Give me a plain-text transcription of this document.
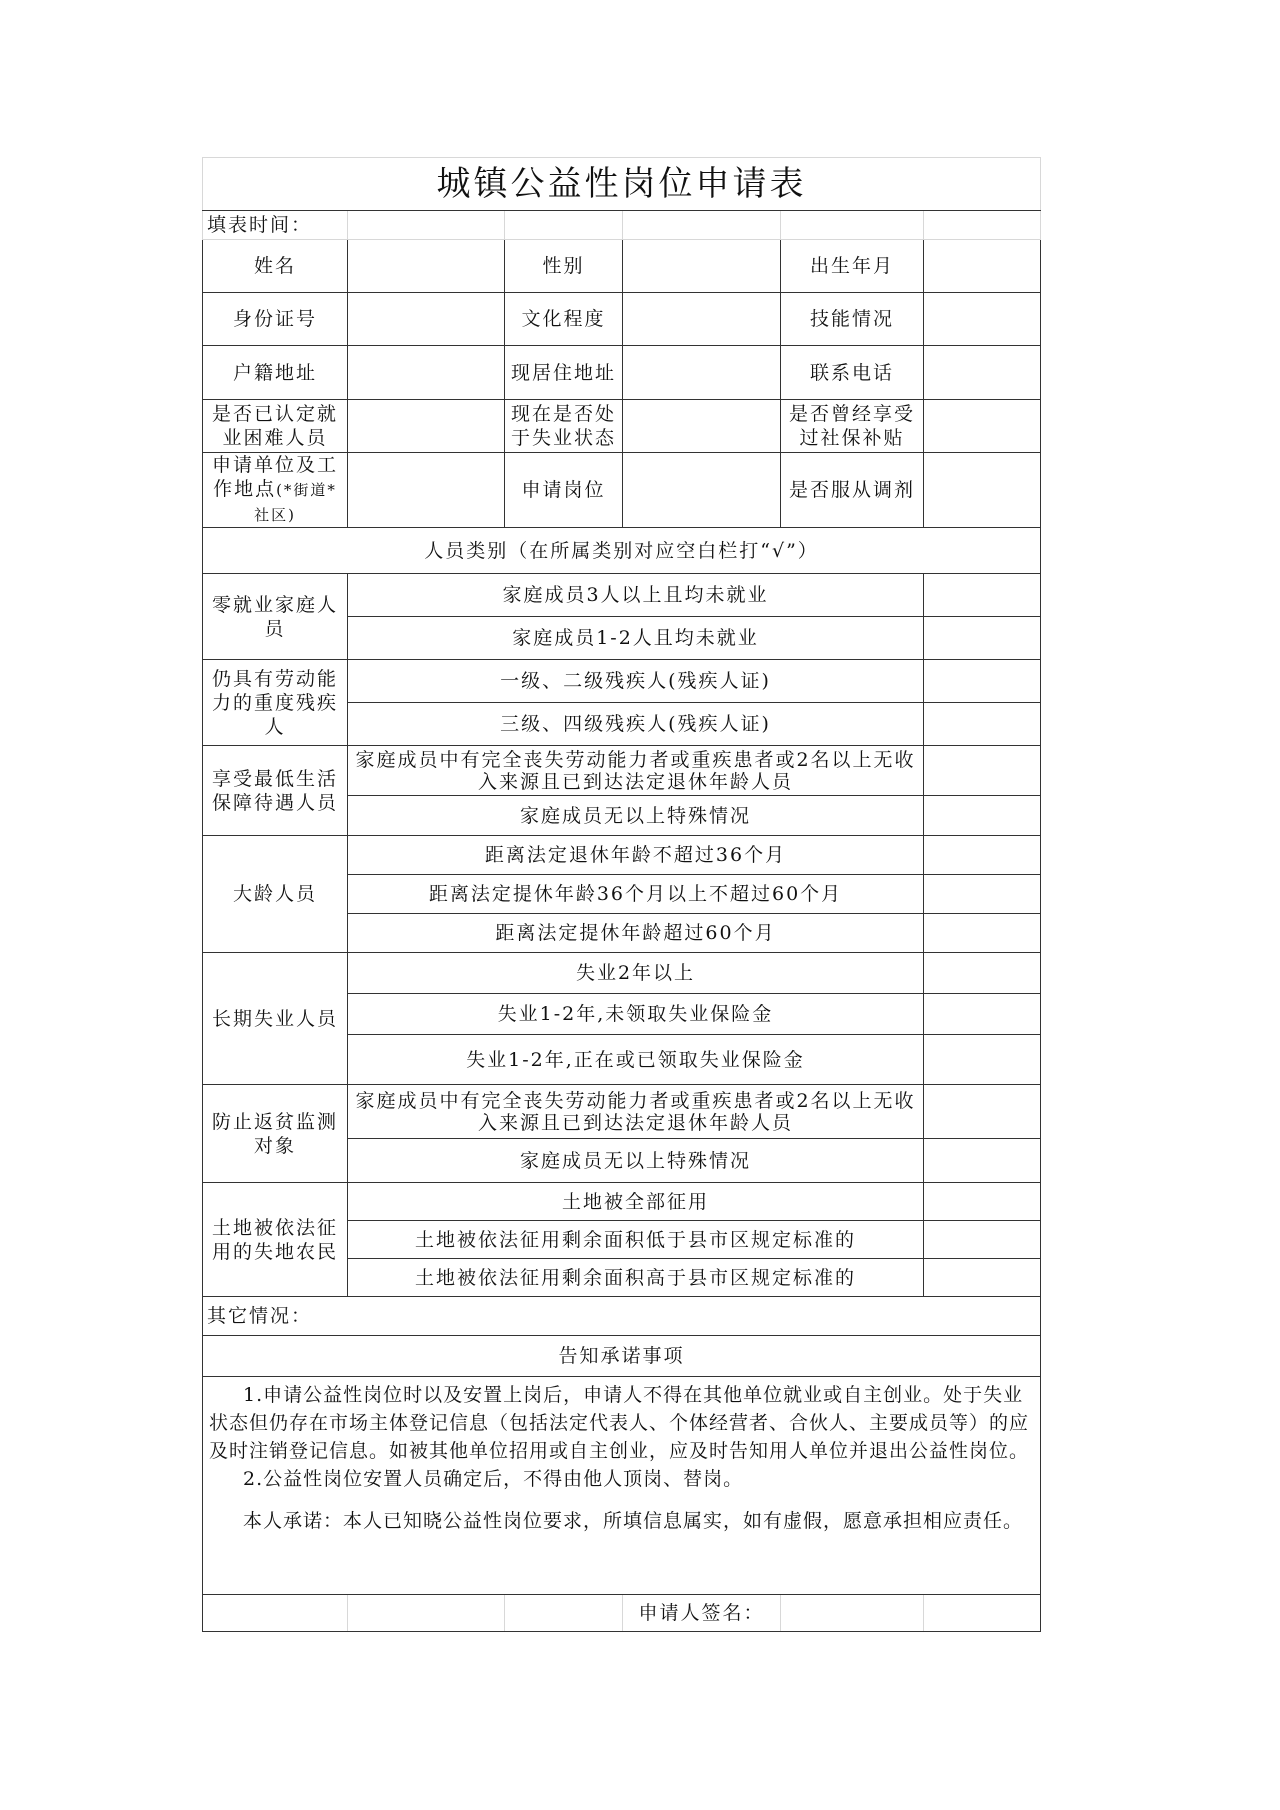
城镇公益性岗位申请表					
填表时间：					
姓名		性别		出生年月	
身份证号		文化程度		技能情况	
户籍地址		现居住地址		联系电话	
是否已认定就业困难人员		现在是否处于失业状态		是否曾经享受过社保补贴	
申请单位及工作地点(*街道*社区)		申请岗位		是否服从调剂	
人员类别（在所属类别对应空白栏打“√”）					
零就业家庭人员	家庭成员3人以上且均未就业				
	家庭成员1-2人且均未就业				
仍具有劳动能力的重度残疾人	一级、二级残疾人(残疾人证)				
	三级、四级残疾人(残疾人证)				
享受最低生活保障待遇人员	家庭成员中有完全丧失劳动能力者或重疾患者或2名以上无收入来源且已到达法定退休年龄人员				
	家庭成员无以上特殊情况				
大龄人员	距离法定退休年龄不超过36个月				
	距离法定提休年龄36个月以上不超过60个月				
	距离法定提休年龄超过60个月				
长期失业人员	失业2年以上				
	失业1-2年,未领取失业保险金				
	失业1-2年,正在或已领取失业保险金				
防止返贫监测对象	家庭成员中有完全丧失劳动能力者或重疾患者或2名以上无收入来源且已到达法定退休年龄人员				
	家庭成员无以上特殊情况				
土地被依法征用的失地农民	土地被全部征用				
	土地被依法征用剩余面积低于县市区规定标准的				
	土地被依法征用剩余面积高于县市区规定标准的				
其它情况：					
告知承诺事项					

1.申请公益性岗位时以及安置上岗后，申请人不得在其他单位就业或自主创业。处于失业状态但仍存在市场主体登记信息（包括法定代表人、个体经营者、合伙人、主要成员等）的应及时注销登记信息。如被其他单位招用或自主创业，应及时告知用人单位并退出公益性岗位。

2.公益性岗位安置人员确定后，不得由他人顶岗、替岗。

本人承诺：本人已知晓公益性岗位要求，所填信息属实，如有虚假，愿意承担相应责任。					

			申请人签名：		
